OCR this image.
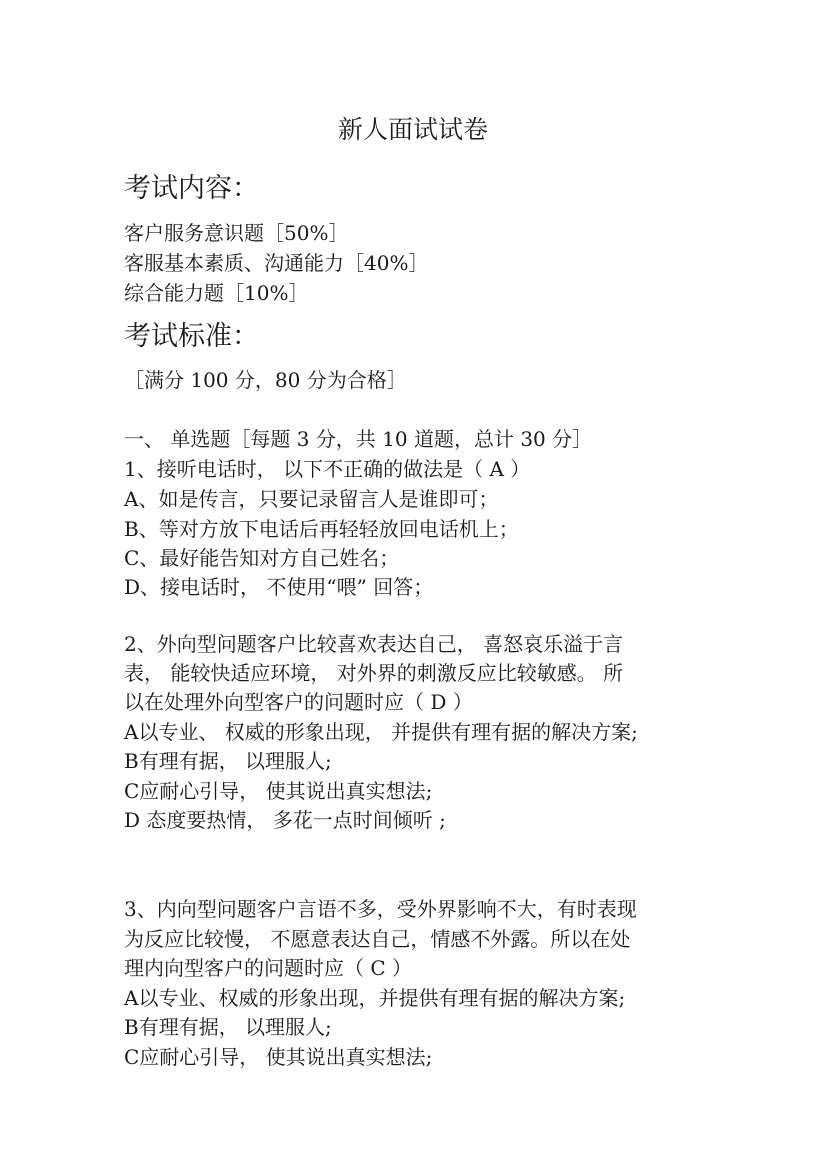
新人面试试卷
考试内容：
客户服务意识题［50%］
客服基本素质、沟通能力［40%］
综合能力题［10%］
考试标准：
［满分 100 分，80 分为合格］
一、 单选题［每题 3 分，共 10 道题，总计 30 分］
1、接听电话时， 以下不正确的做法是（ A ）
A、如是传言，只要记录留言人是谁即可；
B、等对方放下电话后再轻轻放回电话机上；
C、最好能告知对方自己姓名；
D、接电话时， 不使用“喂” 回答；
2、外向型问题客户比较喜欢表达自己， 喜怒哀乐溢于言
表， 能较快适应环境， 对外界的刺激反应比较敏感。 所
以在处理外向型客户的问题时应（ D ）
A以专业、 权威的形象出现， 并提供有理有据的解决方案;
B有理有据， 以理服人;
C应耐心引导， 使其说出真实想法;
D 态度要热情， 多花一点时间倾听 ;
3、内向型问题客户言语不多，受外界影响不大，有时表现
为反应比较慢， 不愿意表达自己，情感不外露。所以在处
理内向型客户的问题时应（ C ）
A以专业、权威的形象出现，并提供有理有据的解决方案;
B有理有据， 以理服人;
C应耐心引导， 使其说出真实想法;
